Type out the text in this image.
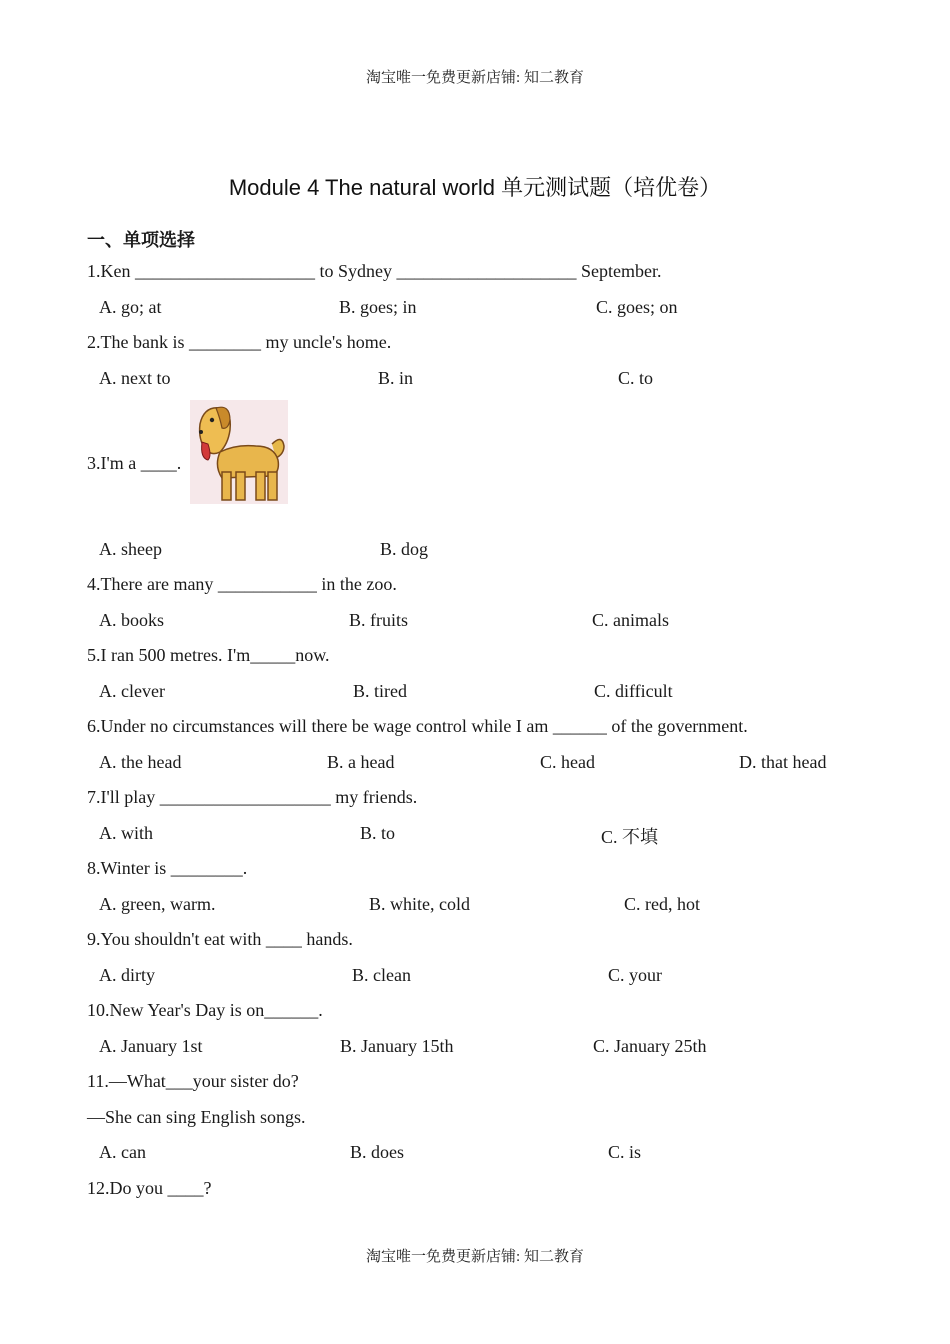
淘宝唯一免费更新店铺: 知二教育
Module 4 The natural world 单元测试题（培优卷）
一、单项选择
1.Ken ____________________ to Sydney ____________________ September.
A. go; at	B. goes; in	C. goes; on
2.The bank is ________ my uncle's home.
A. next to	B. in	C. to
3.I'm a ____.
A. sheep	B. dog
4.There are many ___________ in the zoo.
A. books	B. fruits	C. animals
5.I ran 500 metres. I'm_____now.
A. clever	B. tired	C. difficult
6.Under no circumstances will there be wage control while I am ______ of the government.
A. the head	B. a head	C. head	D. that head
7.I'll play ___________________ my friends.
A. with	B. to	C. 不填
8.Winter is ________.
A. green, warm.	B. white, cold	C. red, hot
9.You shouldn't eat with ____ hands.
A. dirty	B. clean	C. your
10.New Year's Day is on______.
A. January 1st	B. January 15th	C. January 25th
11.—What___your sister do?
—She can sing English songs.
A. can	B. does	C. is
12.Do you ____?
淘宝唯一免费更新店铺: 知二教育
